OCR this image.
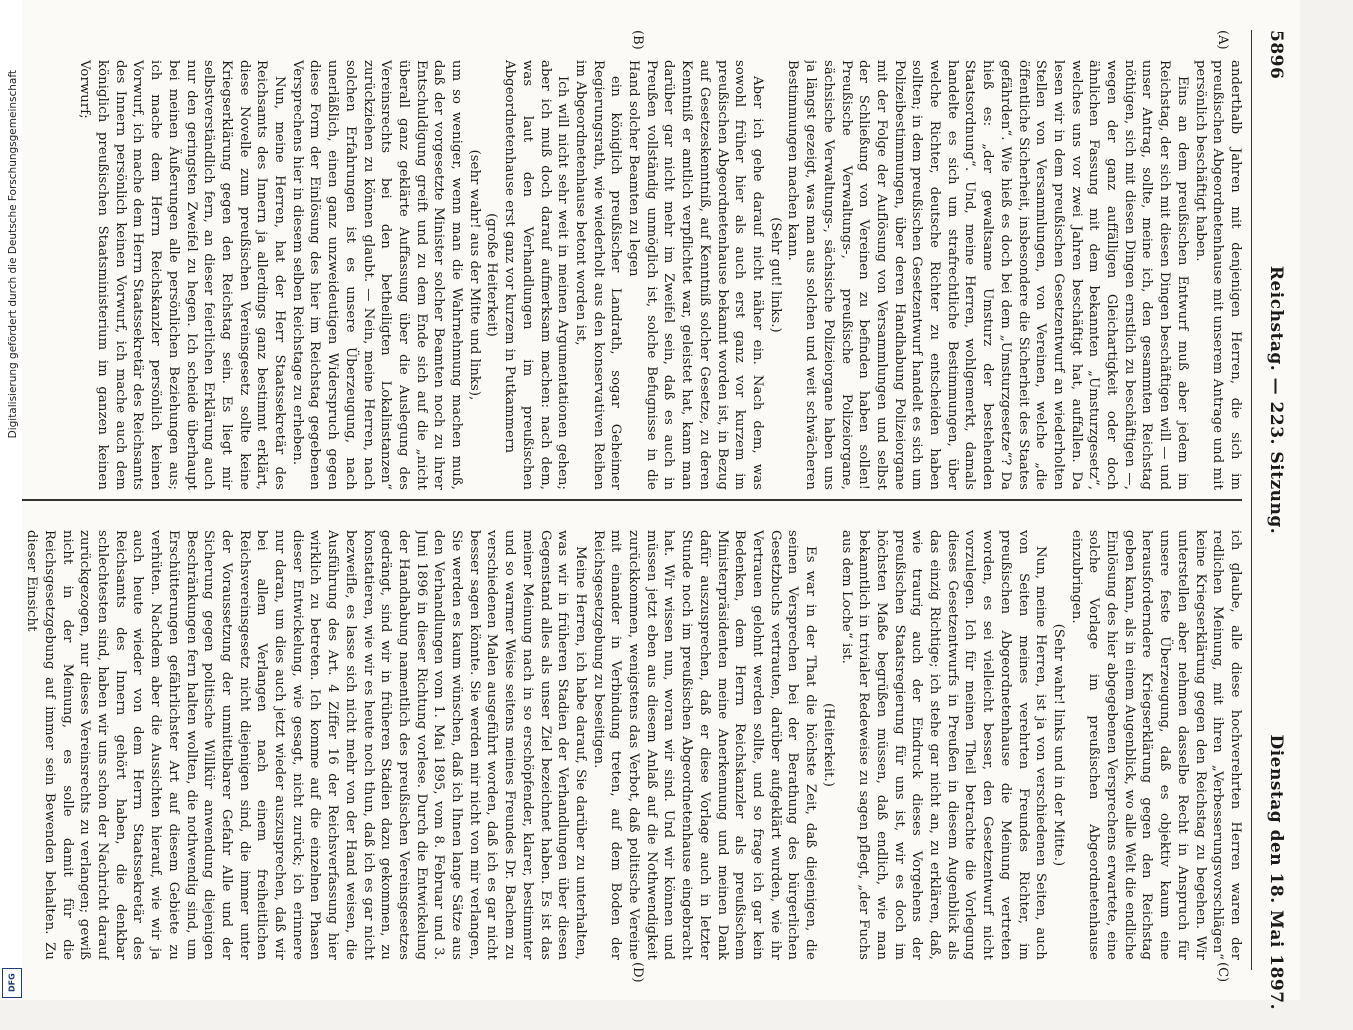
5896
Reichstag. — 223. Sitzung.
Dienstag den 18. Mai 1897.
(A)
(B)
(C)
(D)

anderthalb Jahren mit denjenigen Herren, die sich im preußischen Abgeordnetenhause mit unserem Antrage und mit persönlich beschäftigt haben.

Eins an dem preußischen Entwurf muß aber jedem im Reichstag, der sich mit diesen Dingen beschäftigen will — und unser Antrag, sollte, meine ich, den gesammten Reichstag nöthigen, sich mit diesen Dingen ernstlich zu beschäftigen —, wegen der ganz auffälligen Gleichartigkeit oder doch ähnlichen Fassung mit dem bekannten „Umsturzgesetz“, welches uns vor zwei Jahren beschäftigt hat, auffallen. Da lesen wir in dem preußischen Gesetzentwurf an wiederholten Stellen von Versammlungen, von Vereinen, welche „die öffentliche Sicherheit, insbesondere die Sicherheit des Staates gefährden“. Wie hieß es doch bei dem „Umsturzgesetze“? Da hieß es: „der gewaltsame Umsturz der bestehenden Staatsordnung“. Und, meine Herren, wohlgemerkt, damals handelte es sich um strafrechtliche Bestimmungen, über welche Richter, deutsche Richter zu entscheiden haben sollten; in dem preußischen Gesetzentwurf handelt es sich um Polizeibestimmungen, über deren Handhabung Polizeiorgane mit der Folge der Auflösung von Versammlungen und selbst der Schließung von Vereinen zu befinden haben sollen! Preußische Verwaltungs-, preußische Polizeiorgane, sächsische Verwaltungs-, sächsische Polizeiorgane haben uns ja längst gezeigt, was man aus solchen und weit schwächeren Bestimmungen machen kann.

(Sehr gut! links.)

Aber ich gehe darauf nicht näher ein. Nach dem, was sowohl früher hier als auch erst ganz vor kurzem im preußischen Abgeordnetenhause bekannt worden ist, in Bezug auf Gesetzeskenntniß, auf Kenntniß solcher Gesetze, zu deren Kenntniß er amtlich verpflichtet war, geleistet hat, kann man darüber gar nicht mehr im Zweifel sein, daß es auch in Preußen vollständig unmöglich ist, solche Befugnisse in die Hand solcher Beamten zu legen

ein königlich preußischer Landrath, sogar Geheimer Regierungsrath, wie wiederholt aus den konservativen Reihen im Abgeordnetenhause betont worden ist,

Ich will nicht sehr weit in meinen Argumentationen gehen; aber ich muß doch darauf aufmerksam machen: nach dem, was laut den Verhandlungen im preußischen Abgeordnetenhause erst ganz vor kurzem in Putkammern

(große Heiterkeit)

(sehr wahr! aus der Mitte und links),

um so weniger, wenn man die Wahrnehmung machen muß, daß der vorgesetzte Minister solcher Beamten noch zu ihrer Entschuldigung greift und zu dem Ende sich auf die „nicht überall ganz geklärte Auffassung über die Auslegung des Vereinsrechts bei den betheiligten Lokalinstanzen“ zurückziehen zu können glaubt. — Nein, meine Herren, nach solchen Erfahrungen ist es unsere Überzeugung, nach unerläßlich, einen ganz unzweideutigen Widerspruch gegen diese Form der Einlösung des hier im Reichstag gegebenen Versprechens hier in diesem selben Reichstage zu erheben.

Nun, meine Herren, hat der Herr Staatssekretär des Reichsamts des Innern ja allerdings ganz bestimmt erklärt, diese Novelle zum preußischen Vereinsgesetz sollte keine Kriegserklärung gegen den Reichstag sein. Es liegt mir selbstverständlich fern, an dieser feierlichen Erklärung auch nur den geringsten Zweifel zu hegen. Ich scheide überhaupt bei meinen Äußerungen alle persönlichen Beziehungen aus; ich mache dem Herrn Reichskanzler persönlich keinen Vorwurf, ich mache dem Herrn Staatssekretär des Reichsamts des Innern persönlich keinen Vorwurf, ich mache auch dem königlich preußischen Staatsministerium im ganzen keinen Vorwurf;

ich glaube, alle diese hochverehrten Herren waren der redlichen Meinung, mit ihren „Verbesserungsvorschlägen“ keine Kriegserklärung gegen den Reichstag zu begehen. Wir unterstellen aber nehmen dasselbe Recht in Anspruch für unsere feste Überzeugung, daß es objektiv kaum eine herausforderndere Kriegserklärung gegen den Reichstag geben kann, als in einem Augenblick, wo alle Welt die endliche Einlösung des hier abgegebenen Versprechens erwartete, eine solche Vorlage im preußischen Abgeordnetenhause einzubringen.

(Sehr wahr! links und in der Mitte.)

Nun, meine Herren, ist ja von verschiedenen Seiten, auch von Seiten meines verehrten Freundes Richter, im preußischen Abgeordnetenhause die Meinung vertreten worden, es sei vielleicht besser, den Gesetzentwurf nicht vorzulegen. Ich für meinen Theil betrachte die Vorlegung dieses Gesetzentwurfs in Preußen in diesem Augenblick als das einzig Richtige; ich stehe gar nicht an, zu erklären, daß, wie traurig auch der Eindruck dieses Vorgehens der preußischen Staatsregierung für uns ist, wir es doch im höchsten Maße begrüßen müssen, daß endlich, wie man bekanntlich in trivialer Redeweise zu sagen pflegt, „der Fuchs aus dem Loche“ ist.

(Heiterkeit.)

Es war in der That die höchste Zeit, daß diejenigen, die seinen Versprechen bei der Berathung des bürgerlichen Gesetzbuchs vertrauten, darüber aufgeklärt wurden, wie ihr Vertrauen gelohnt werden sollte, und so frage ich gar kein Bedenken, dem Herrn Reichskanzler als preußischem Ministerpräsidenten meine Anerkennung und meinen Dank dafür auszusprechen, daß er diese Vorlage auch in letzter Stunde noch im preußischen Abgeordnetenhause eingebracht hat. Wir wissen nun, woran wir sind. Und wir können und müssen jetzt eben aus diesem Anlaß auf die Nothwendigkeit zurückkommen, wenigstens das Verbot, daß politische Vereine mit einander in Verbindung treten, auf dem Boden der Reichsgesetzgebung zu beseitigen.

Meine Herren, ich habe darauf, Sie darüber zu unterhalten, was wir in früheren Stadien der Verhandlungen über diesen Gegenstand alles als unser Ziel bezeichnet haben. Es ist das meiner Meinung nach in so erschöpfender, klarer, bestimmter und so warmer Weise seitens meines Freundes Dr. Bachem zu verschiedenen Malen ausgeführt worden, daß ich es gar nicht besser sagen könnte. Sie werden mir nicht von mir verlangen, Sie werden es kaum wünschen, daß ich Ihnen lange Sätze aus den Verhandlungen vom 1. Mai 1895, vom 8. Februar und 3. Juni 1896 in dieser Richtung vorlese. Durch die Entwickelung der Handhabung namentlich des preußischen Vereinsgesetzes gedrängt, sind wir in früheren Stadien dazu gekommen, zu konstatieren, wie wir es heute noch thun, daß ich es gar nicht bezweifle, es lasse sich nicht mehr von der Hand weisen, die Ausführung des Art. 4 Ziffer 16 der Reichsverfassung hier wirklich zu betreten. Ich komme auf die einzelnen Phasen dieser Entwickelung, wie gesagt, nicht zurück; ich erinnere nur daran, um dies auch jetzt wieder auszusprechen, daß wir bei allem Verlangen nach einem freiheitlichen Reichsvereinsgesetz nicht diejenigen sind, die immer unter der Voraussetzung der unmittelbarer Gefahr Alle und der Sicherung gegen politische Willkür anwendung diejenigen Beschränkungen fern halten wollten, die nothwendig sind, um Erschütterungen gefährlichster Art auf diesem Gebiete zu verhüten. Nachdem aber die Aussichten hierauf, wie wir ja auch heute wieder von dem Herrn Staatssekretär des Reichsamts des Innern gehört haben, die denkbar schlechtesten sind, haben wir uns schon der Nachricht darauf zurückgezogen, nur dieses Vereinsrechts zu verlangen; gewiß nicht in der Meinung, es solle damit für die Reichsgesetzgebung auf immer sein Bewenden behalten. Zu dieser Einsicht

Digitalisierung gefördert durch die Deutsche Forschungsgemeinschaft
DFG
